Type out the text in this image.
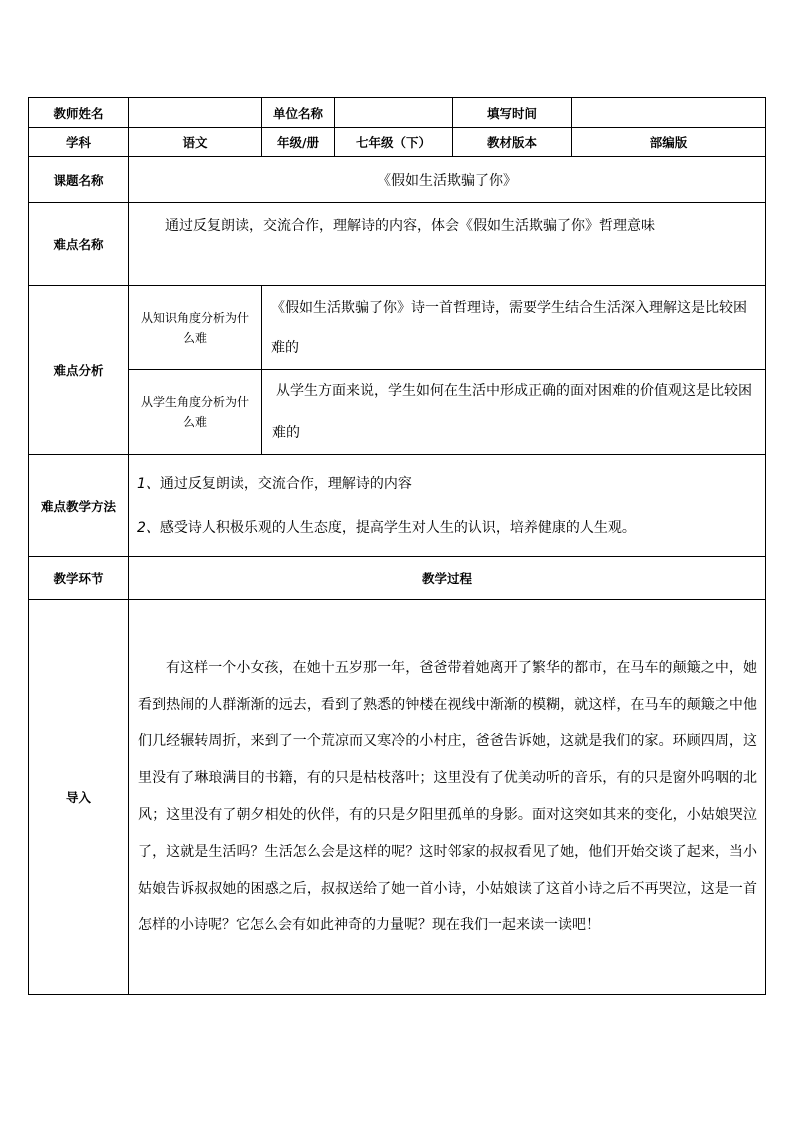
教师姓名		单位名称		填写时间	
学科	语文	年级/册	七年级（下）	教材版本	部编版
课题名称	《假如生活欺骗了你》				
难点名称	通过反复朗读，交流合作，理解诗的内容，体会《假如生活欺骗了你》哲理意味				
难点分析	从知识角度分析为什么难	《假如生活欺骗了你》诗一首哲理诗，需要学生结合生活深入理解这是比较困难的			
	从学生角度分析为什么难	从学生方面来说，学生如何在生活中形成正确的面对困难的价值观这是比较困难的			
难点教学方法	1、通过反复朗读，交流合作，理解诗的内容
2、感受诗人积极乐观的人生态度，提高学生对人生的认识，培养健康的人生观。				

教学环节	教学过程				
导入	有这样一个小女孩，在她十五岁那一年，爸爸带着她离开了繁华的都市，在马车的颠簸之中，她看到热闹的人群渐渐的远去，看到了熟悉的钟楼在视线中渐渐的模糊，就这样，在马车的颠簸之中他们几经辗转周折，来到了一个荒凉而又寒冷的小村庄，爸爸告诉她，这就是我们的家。环顾四周，这里没有了琳琅满目的书籍，有的只是枯枝落叶；这里没有了优美动听的音乐，有的只是窗外呜咽的北风；这里没有了朝夕相处的伙伴，有的只是夕阳里孤单的身影。面对这突如其来的变化，小姑娘哭泣了，这就是生活吗？生活怎么会是这样的呢？这时邻家的叔叔看见了她，他们开始交谈了起来，当小姑娘告诉叔叔她的困惑之后，叔叔送给了她一首小诗，小姑娘读了这首小诗之后不再哭泣，这是一首怎样的小诗呢？它怎么会有如此神奇的力量呢？现在我们一起来读一读吧！				
